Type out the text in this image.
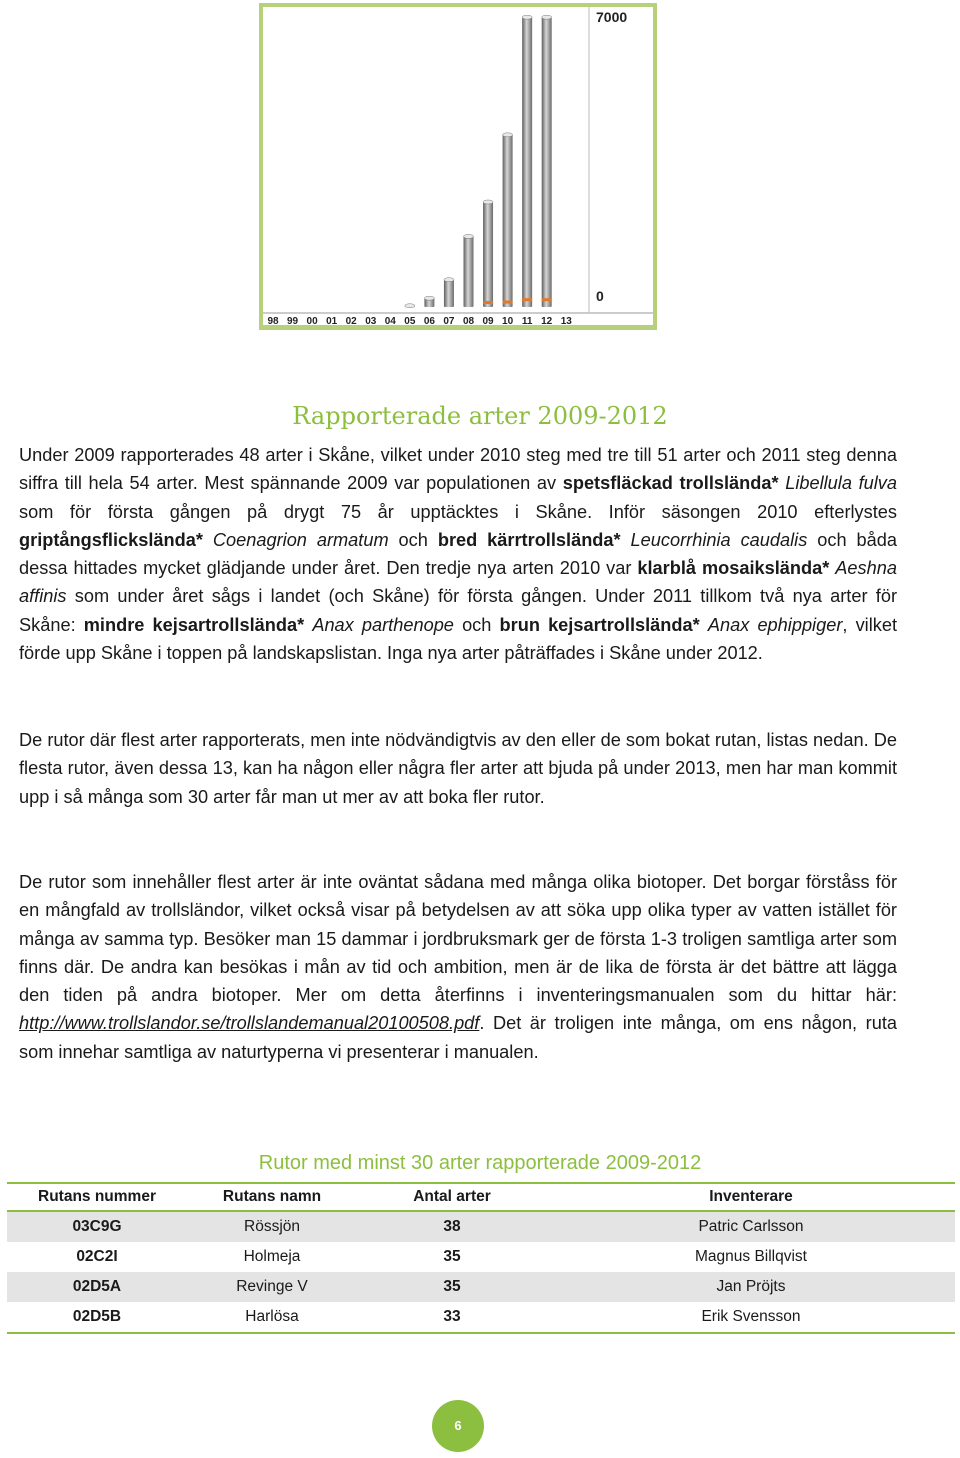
98 99 00 01 02 03 04 05 06 07 08 09 10 11 12 13
7000
0
Rapporterade arter 2009-2012

Under 2009 rapporterades 48 arter i Skåne, vilket under 2010 steg med tre till 51 arter och 2011 steg denna siffra till hela 54 arter. Mest spännande 2009 var populationen av spetsfläckad trollslända* Libellula fulva som för första gången på drygt 75 år upptäcktes i Skåne. Inför säsongen 2010 efterlystes griptångsflickslända* Coenagrion armatum och bred kärrtrollslända* Leucorrhinia caudalis och båda dessa hittades mycket glädjande under året. Den tredje nya arten 2010 var klarblå mosaikslända* Aeshna affinis som under året sågs i landet (och Skåne) för första gången. Under 2011 tillkom två nya arter för Skåne: mindre kejsartrollslända* Anax parthenope och brun kejsartrollslända* Anax ephippiger, vilket förde upp Skåne i toppen på landskapslistan. Inga nya arter påträffades i Skåne under 2012.

De rutor där flest arter rapporterats, men inte nödvändigtvis av den eller de som bokat rutan, listas nedan. De flesta rutor, även dessa 13, kan ha någon eller några fler arter att bjuda på under 2013, men har man kommit upp i så många som 30 arter får man ut mer av att boka fler rutor.

De rutor som innehåller flest arter är inte oväntat sådana med många olika biotoper. Det borgar förståss för en mångfald av trollsländor, vilket också visar på betydelsen av att söka upp olika typer av vatten istället för många av samma typ. Besöker man 15 dammar i jordbruksmark ger de första 1-3 troligen samtliga arter som finns där. De andra kan besökas i mån av tid och ambition, men är de lika de första är det bättre att lägga den tiden på andra biotoper. Mer om detta återfinns i inventeringsmanualen som du hittar här: http://www.trollslandor.se/trollslandemanual20100508.pdf. Det är troligen inte många, om ens någon, ruta som innehar samtliga av naturtyperna vi presenterar i manualen.

Rutor med minst 30 arter rapporterade 2009-2012
Rutans nummer	Rutans namn	Antal arter	Inventerare
03C9G	Rössjön	38	Patric Carlsson
02C2I	Holmeja	35	Magnus Billqvist
02D5A	Revinge V	35	Jan Pröjts
02D5B	Harlösa	33	Erik Svensson
6
